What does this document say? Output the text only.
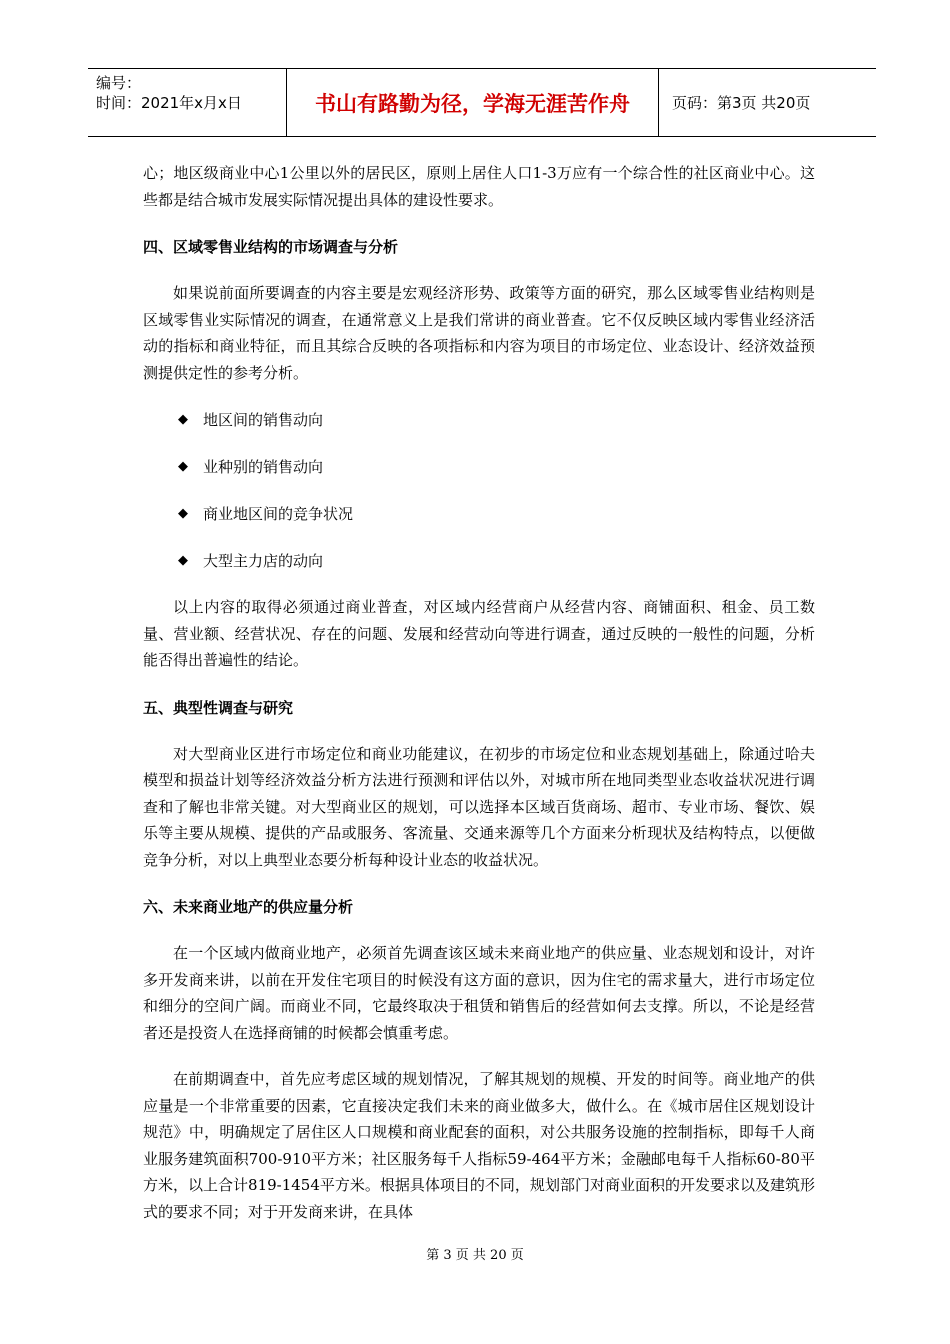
编号：
时间：2021年x月x日	书山有路勤为径，学海无涯苦作舟	页码：第3页 共20页

心；地区级商业中心1公里以外的居民区，原则上居住人口1-3万应有一个综合性的社区商业中心。这些都是结合城市发展实际情况提出具体的建设性要求。

四、区域零售业结构的市场调查与分析

如果说前面所要调查的内容主要是宏观经济形势、政策等方面的研究，那么区域零售业结构则是区域零售业实际情况的调查，在通常意义上是我们常讲的商业普查。它不仅反映区域内零售业经济活动的指标和商业特征，而且其综合反映的各项指标和内容为项目的市场定位、业态设计、经济效益预测提供定性的参考分析。

◆	地区间的销售动向
◆	业种别的销售动向
◆	商业地区间的竞争状况
◆	大型主力店的动向

以上内容的取得必须通过商业普查，对区域内经营商户从经营内容、商铺面积、租金、员工数量、营业额、经营状况、存在的问题、发展和经营动向等进行调查，通过反映的一般性的问题，分析能否得出普遍性的结论。

五、典型性调查与研究

对大型商业区进行市场定位和商业功能建议，在初步的市场定位和业态规划基础上，除通过哈夫模型和损益计划等经济效益分析方法进行预测和评估以外，对城市所在地同类型业态收益状况进行调查和了解也非常关键。对大型商业区的规划，可以选择本区域百货商场、超市、专业市场、餐饮、娱乐等主要从规模、提供的产品或服务、客流量、交通来源等几个方面来分析现状及结构特点，以便做竞争分析，对以上典型业态要分析每种设计业态的收益状况。

六、未来商业地产的供应量分析

在一个区域内做商业地产，必须首先调查该区域未来商业地产的供应量、业态规划和设计，对许多开发商来讲，以前在开发住宅项目的时候没有这方面的意识，因为住宅的需求量大，进行市场定位和细分的空间广阔。而商业不同，它最终取决于租赁和销售后的经营如何去支撑。所以，不论是经营者还是投资人在选择商铺的时候都会慎重考虑。

在前期调查中，首先应考虑区域的规划情况，了解其规划的规模、开发的时间等。商业地产的供应量是一个非常重要的因素，它直接决定我们未来的商业做多大，做什么。在《城市居住区规划设计规范》中，明确规定了居住区人口规模和商业配套的面积，对公共服务设施的控制指标，即每千人商业服务建筑面积700-910平方米；社区服务每千人指标59-464平方米；金融邮电每千人指标60-80平方米，以上合计819-1454平方米。根据具体项目的不同，规划部门对商业面积的开发要求以及建筑形式的要求不同；对于开发商来讲，在具体

第 3 页 共 20 页
